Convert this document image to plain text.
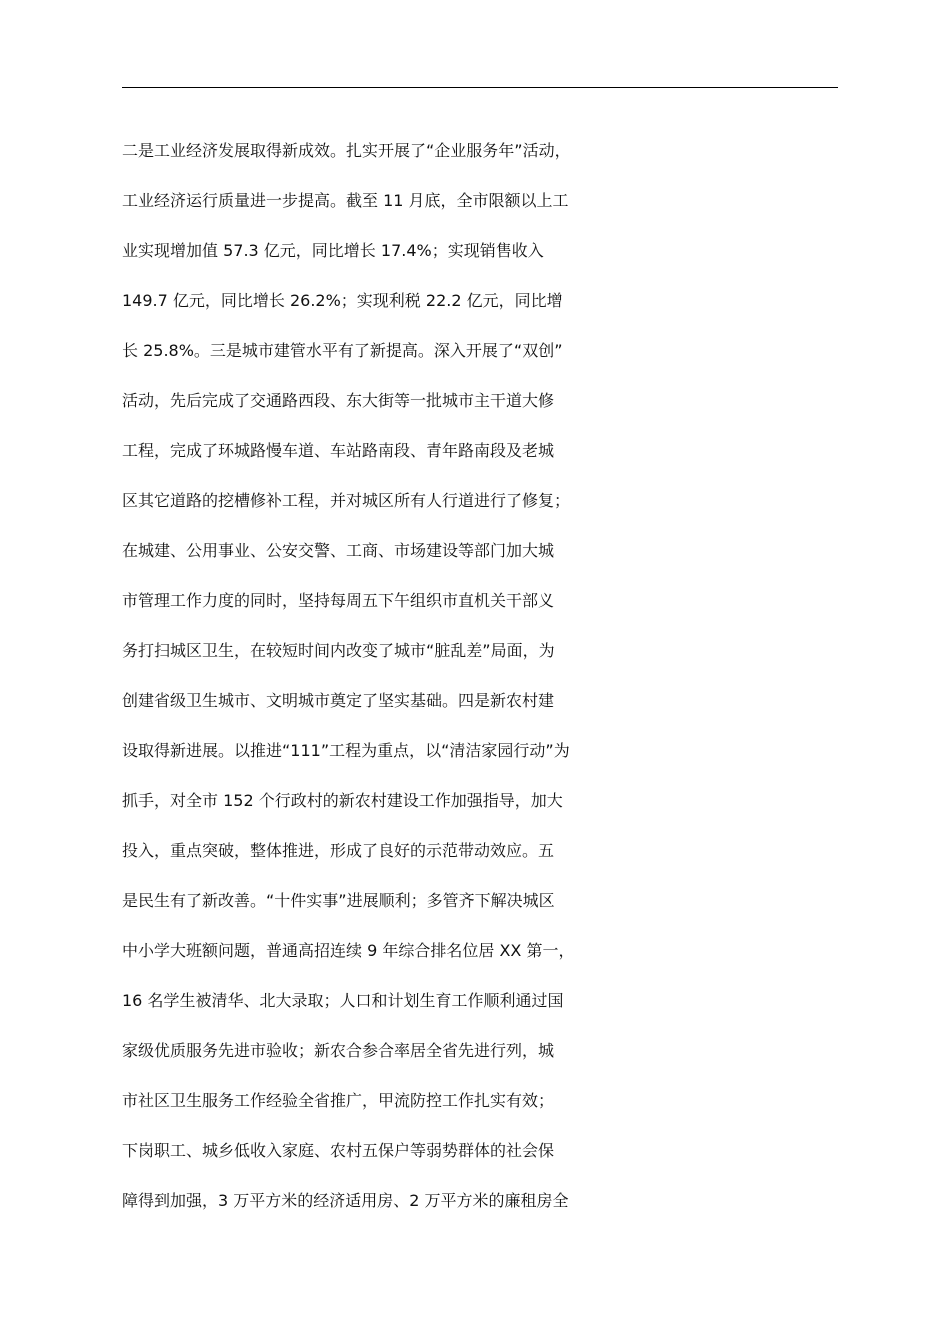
二是工业经济发展取得新成效。扎实开展了“企业服务年”活动，
工业经济运行质量进一步提高。截至 11 月底，全市限额以上工
业实现增加值 57.3 亿元，同比增长 17.4%；实现销售收入
149.7 亿元，同比增长 26.2%；实现利税 22.2 亿元，同比增
长 25.8%。三是城市建管水平有了新提高。深入开展了“双创”
活动，先后完成了交通路西段、东大街等一批城市主干道大修
工程，完成了环城路慢车道、车站路南段、青年路南段及老城
区其它道路的挖槽修补工程，并对城区所有人行道进行了修复；
在城建、公用事业、公安交警、工商、市场建设等部门加大城
市管理工作力度的同时，坚持每周五下午组织市直机关干部义
务打扫城区卫生，在较短时间内改变了城市“脏乱差”局面，为
创建省级卫生城市、文明城市奠定了坚实基础。四是新农村建
设取得新进展。以推进“111”工程为重点，以“清洁家园行动”为
抓手，对全市 152 个行政村的新农村建设工作加强指导，加大
投入，重点突破，整体推进，形成了良好的示范带动效应。五
是民生有了新改善。“十件实事”进展顺利；多管齐下解决城区
中小学大班额问题，普通高招连续 9 年综合排名位居 XX 第一，
16 名学生被清华、北大录取；人口和计划生育工作顺利通过国
家级优质服务先进市验收；新农合参合率居全省先进行列，城
市社区卫生服务工作经验全省推广，甲流防控工作扎实有效；
下岗职工、城乡低收入家庭、农村五保户等弱势群体的社会保
障得到加强，3 万平方米的经济适用房、2 万平方米的廉租房全
